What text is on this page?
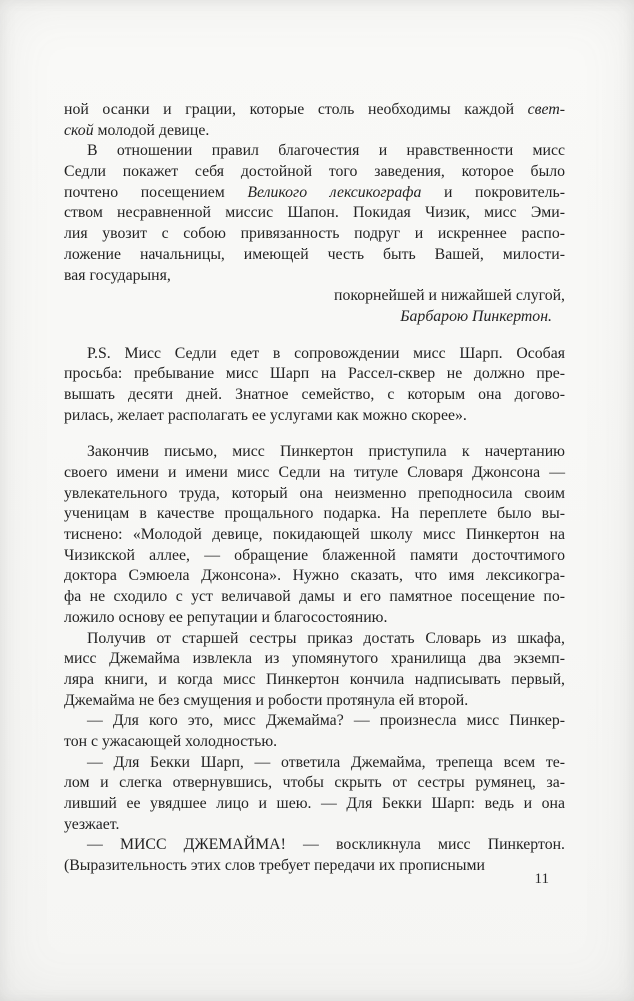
ной осанки и грации, которые столь необходимы каждой свет-
ской молодой девице.
В отношении правил благочестия и нравственности мисс
Седли покажет себя достойной того заведения, которое было
почтено посещением Великого лексикографа и покровитель-
ством несравненной миссис Шапон. Покидая Чизик, мисс Эми-
лия увозит с собою привязанность подруг и искреннее распо-
ложение начальницы, имеющей честь быть Вашей, милости-
вая государыня,
покорнейшей и нижайшей слугой,
Барбарою Пинкертон.
P.S. Мисс Седли едет в сопровождении мисс Шарп. Особая
просьба: пребывание мисс Шарп на Рассел-сквер не должно пре-
вышать десяти дней. Знатное семейство, с которым она догово-
рилась, желает располагать ее услугами как можно скорее».
Закончив письмо, мисс Пинкертон приступила к начертанию
своего имени и имени мисс Седли на титуле Словаря Джонсона —
увлекательного труда, который она неизменно преподносила своим
ученицам в качестве прощального подарка. На переплете было вы-
тиснено: «Молодой девице, покидающей школу мисс Пинкертон на
Чизикской аллее, — обращение блаженной памяти досточтимого
доктора Сэмюела Джонсона». Нужно сказать, что имя лексикогра-
фа не сходило с уст величавой дамы и его памятное посещение по-
ложило основу ее репутации и благосостоянию.
Получив от старшей сестры приказ достать Словарь из шкафа,
мисс Джемайма извлекла из упомянутого хранилища два экземп-
ляра книги, и когда мисс Пинкертон кончила надписывать первый,
Джемайма не без смущения и робости протянула ей второй.
— Для кого это, мисс Джемайма? — произнесла мисс Пинкер-
тон с ужасающей холодностью.
— Для Бекки Шарп, — ответила Джемайма, трепеща всем те-
лом и слегка отвернувшись, чтобы скрыть от сестры румянец, за-
ливший ее увядшее лицо и шею. — Для Бекки Шарп: ведь и она
уезжает.
— МИСС ДЖЕМАЙМА! — воскликнула мисс Пинкертон.
(Выразительность этих слов требует передачи их прописными
11
